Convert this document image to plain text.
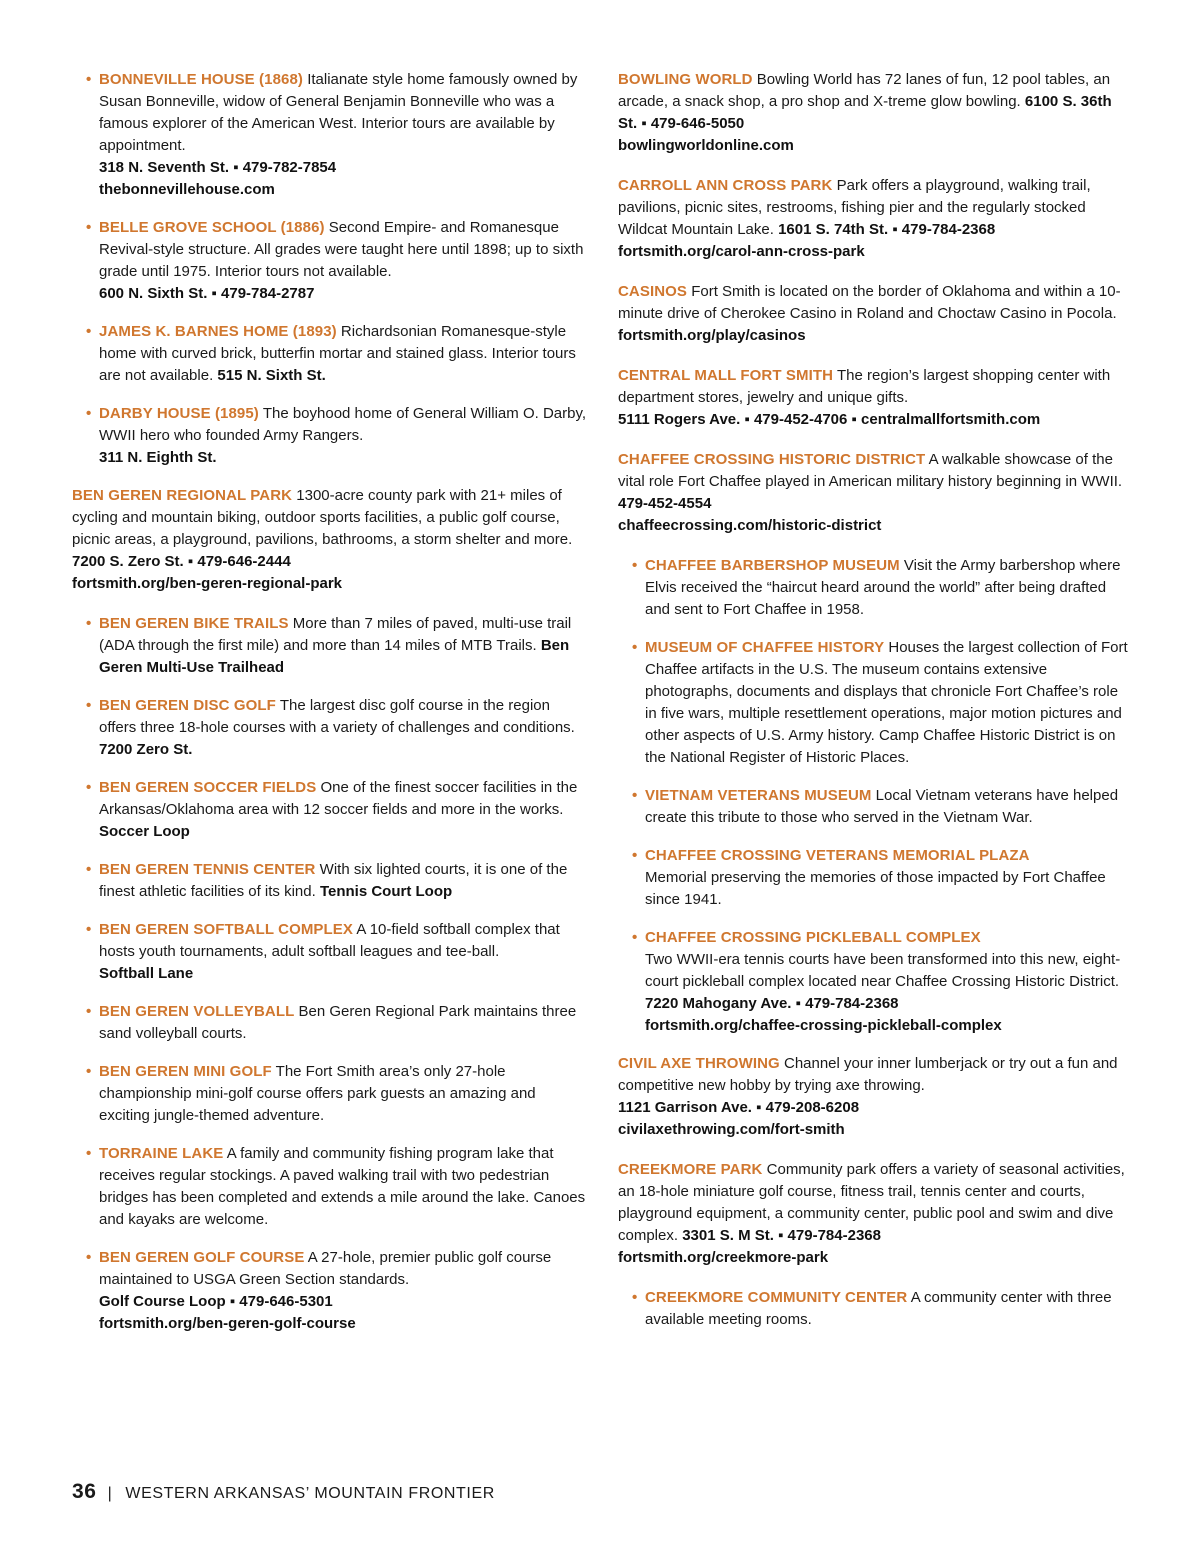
• BONNEVILLE HOUSE (1868) Italianate style home famously owned by Susan Bonneville, widow of General Benjamin Bonneville who was a famous explorer of the American West. Interior tours are available by appointment.
318 N. Seventh St. ▪ 479-782-7854
thebonnevillehouse.com
• BELLE GROVE SCHOOL (1886) Second Empire- and Romanesque Revival-style structure. All grades were taught here until 1898; up to sixth grade until 1975. Interior tours not available.
600 N. Sixth St. ▪ 479-784-2787
• JAMES K. BARNES HOME (1893) Richardsonian Romanesque-style home with curved brick, butterfin mortar and stained glass. Interior tours are not available. 515 N. Sixth St.
• DARBY HOUSE (1895) The boyhood home of General William O. Darby, WWII hero who founded Army Rangers.
311 N. Eighth St.
BEN GEREN REGIONAL PARK 1300-acre county park with 21+ miles of cycling and mountain biking, outdoor sports facilities, a public golf course, picnic areas, a playground, pavilions, bathrooms, a storm shelter and more. 7200 S. Zero St. ▪ 479-646-2444
fortsmith.org/ben-geren-regional-park
• BEN GEREN BIKE TRAILS More than 7 miles of paved, multi-use trail (ADA through the first mile) and more than 14 miles of MTB Trails. Ben Geren Multi-Use Trailhead
• BEN GEREN DISC GOLF The largest disc golf course in the region offers three 18-hole courses with a variety of challenges and conditions. 7200 Zero St.
• BEN GEREN SOCCER FIELDS One of the finest soccer facilities in the Arkansas/Oklahoma area with 12 soccer fields and more in the works. Soccer Loop
• BEN GEREN TENNIS CENTER With six lighted courts, it is one of the finest athletic facilities of its kind. Tennis Court Loop
• BEN GEREN SOFTBALL COMPLEX A 10-field softball complex that hosts youth tournaments, adult softball leagues and tee-ball.
Softball Lane
• BEN GEREN VOLLEYBALL Ben Geren Regional Park maintains three sand volleyball courts.
• BEN GEREN MINI GOLF The Fort Smith area’s only 27-hole championship mini-golf course offers park guests an amazing and exciting jungle-themed adventure.
• TORRAINE LAKE A family and community fishing program lake that receives regular stockings. A paved walking trail with two pedestrian bridges has been completed and extends a mile around the lake. Canoes and kayaks are welcome.
• BEN GEREN GOLF COURSE A 27-hole, premier public golf course maintained to USGA Green Section standards.
Golf Course Loop ▪ 479-646-5301
fortsmith.org/ben-geren-golf-course
BOWLING WORLD Bowling World has 72 lanes of fun, 12 pool tables, an arcade, a snack shop, a pro shop and X-treme glow bowling. 6100 S. 36th St. ▪ 479-646-5050
bowlingworldonline.com
CARROLL ANN CROSS PARK Park offers a playground, walking trail, pavilions, picnic sites, restrooms, fishing pier and the regularly stocked Wildcat Mountain Lake. 1601 S. 74th St. ▪ 479-784-2368
fortsmith.org/carol-ann-cross-park
CASINOS Fort Smith is located on the border of Oklahoma and within a 10-minute drive of Cherokee Casino in Roland and Choctaw Casino in Pocola. fortsmith.org/play/casinos
CENTRAL MALL FORT SMITH The region’s largest shopping center with department stores, jewelry and unique gifts.
5111 Rogers Ave. ▪ 479-452-4706 ▪ centralmallfortsmith.com
CHAFFEE CROSSING HISTORIC DISTRICT A walkable showcase of the vital role Fort Chaffee played in American military history beginning in WWII. 479-452-4554
chaffeecrossing.com/historic-district
• CHAFFEE BARBERSHOP MUSEUM Visit the Army barbershop where Elvis received the “haircut heard around the world” after being drafted and sent to Fort Chaffee in 1958.
• MUSEUM OF CHAFFEE HISTORY Houses the largest collection of Fort Chaffee artifacts in the U.S. The museum contains extensive photographs, documents and displays that chronicle Fort Chaffee’s role in five wars, multiple resettlement operations, major motion pictures and other aspects of U.S. Army history. Camp Chaffee Historic District is on the National Register of Historic Places.
• VIETNAM VETERANS MUSEUM Local Vietnam veterans have helped create this tribute to those who served in the Vietnam War.
• CHAFFEE CROSSING VETERANS MEMORIAL PLAZA
Memorial preserving the memories of those impacted by Fort Chaffee since 1941.
• CHAFFEE CROSSING PICKLEBALL COMPLEX
Two WWII-era tennis courts have been transformed into this new, eight-court pickleball complex located near Chaffee Crossing Historic District.
7220 Mahogany Ave. ▪ 479-784-2368
fortsmith.org/chaffee-crossing-pickleball-complex
CIVIL AXE THROWING Channel your inner lumberjack or try out a fun and competitive new hobby by trying axe throwing.
1121 Garrison Ave. ▪ 479-208-6208
civilaxethrowing.com/fort-smith
CREEKMORE PARK Community park offers a variety of seasonal activities, an 18-hole miniature golf course, fitness trail, tennis center and courts, playground equipment, a community center, public pool and swim and dive complex. 3301 S. M St. ▪ 479-784-2368
fortsmith.org/creekmore-park
• CREEKMORE COMMUNITY CENTER A community center with three available meeting rooms.
36 | WESTERN ARKANSAS’ MOUNTAIN FRONTIER
